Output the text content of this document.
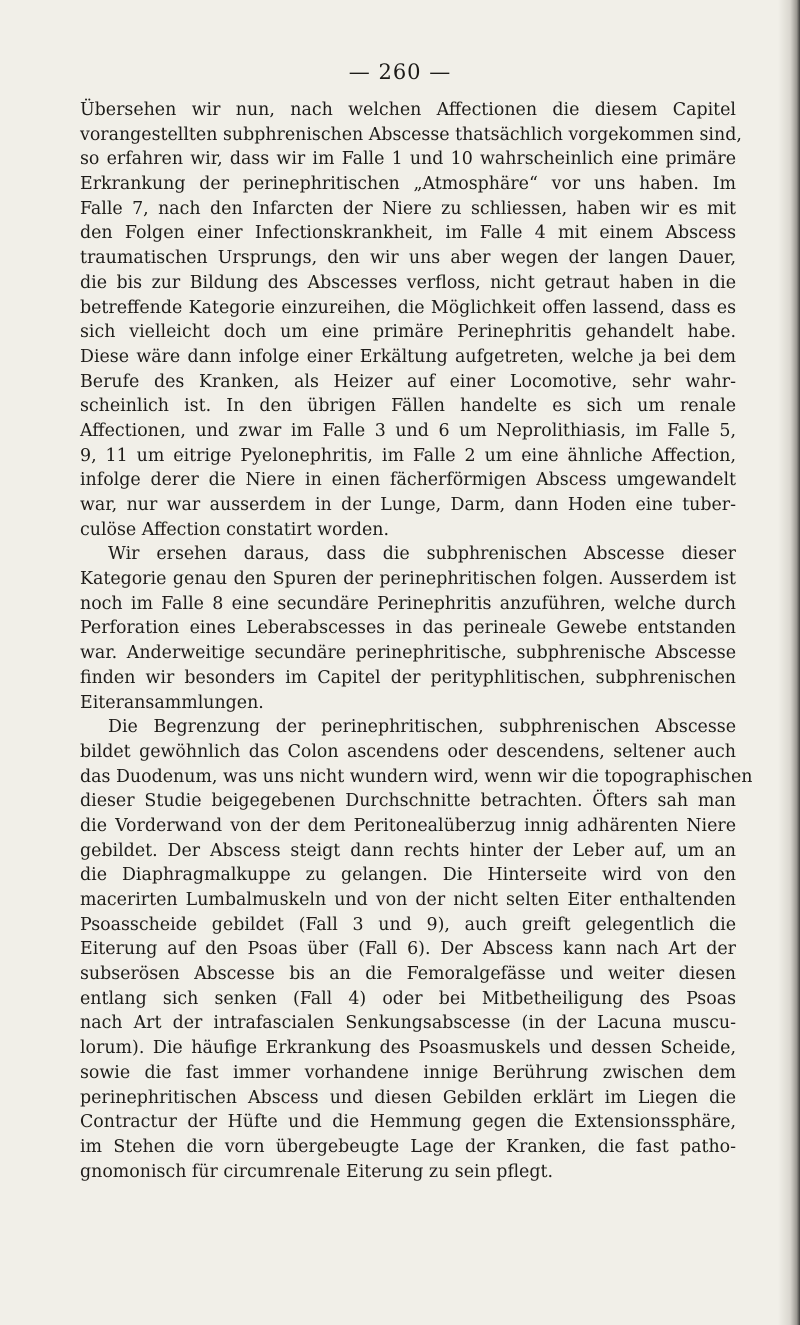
— 260 —
Übersehen wir nun, nach welchen Affectionen die diesem Capitel
vorangestellten subphrenischen Abscesse thatsächlich vorgekommen sind,
so erfahren wir, dass wir im Falle 1 und 10 wahrscheinlich eine primäre
Erkrankung der perinephritischen „Atmosphäre“ vor uns haben. Im
Falle 7, nach den Infarcten der Niere zu schliessen, haben wir es mit
den Folgen einer Infectionskrankheit, im Falle 4 mit einem Abscess
traumatischen Ursprungs, den wir uns aber wegen der langen Dauer,
die bis zur Bildung des Abscesses verfloss, nicht getraut haben in die
betreffende Kategorie einzureihen, die Möglichkeit offen lassend, dass es
sich vielleicht doch um eine primäre Perinephritis gehandelt habe.
Diese wäre dann infolge einer Erkältung aufgetreten, welche ja bei dem
Berufe des Kranken, als Heizer auf einer Locomotive, sehr wahr-
scheinlich ist. In den übrigen Fällen handelte es sich um renale
Affectionen, und zwar im Falle 3 und 6 um Neprolithiasis, im Falle 5,
9, 11 um eitrige Pyelonephritis, im Falle 2 um eine ähnliche Affection,
infolge derer die Niere in einen fächerförmigen Abscess umgewandelt
war, nur war ausserdem in der Lunge, Darm, dann Hoden eine tuber-
culöse Affection constatirt worden.
Wir ersehen daraus, dass die subphrenischen Abscesse dieser
Kategorie genau den Spuren der perinephritischen folgen. Ausserdem ist
noch im Falle 8 eine secundäre Perinephritis anzuführen, welche durch
Perforation eines Leberabscesses in das perineale Gewebe entstanden
war. Anderweitige secundäre perinephritische, subphrenische Abscesse
finden wir besonders im Capitel der perityphlitischen, subphrenischen
Eiteransammlungen.
Die Begrenzung der perinephritischen, subphrenischen Abscesse
bildet gewöhnlich das Colon ascendens oder descendens, seltener auch
das Duodenum, was uns nicht wundern wird, wenn wir die topographischen
dieser Studie beigegebenen Durchschnitte betrachten. Öfters sah man
die Vorderwand von der dem Peritonealüberzug innig adhärenten Niere
gebildet. Der Abscess steigt dann rechts hinter der Leber auf, um an
die Diaphragmalkuppe zu gelangen. Die Hinterseite wird von den
macerirten Lumbalmuskeln und von der nicht selten Eiter enthaltenden
Psoasscheide gebildet (Fall 3 und 9), auch greift gelegentlich die
Eiterung auf den Psoas über (Fall 6). Der Abscess kann nach Art der
subserösen Abscesse bis an die Femoralgefässe und weiter diesen
entlang sich senken (Fall 4) oder bei Mitbetheiligung des Psoas
nach Art der intrafascialen Senkungsabscesse (in der Lacuna muscu-
lorum). Die häufige Erkrankung des Psoasmuskels und dessen Scheide,
sowie die fast immer vorhandene innige Berührung zwischen dem
perinephritischen Abscess und diesen Gebilden erklärt im Liegen die
Contractur der Hüfte und die Hemmung gegen die Extensionssphäre,
im Stehen die vorn übergebeugte Lage der Kranken, die fast patho-
gnomonisch für circumrenale Eiterung zu sein pflegt.
